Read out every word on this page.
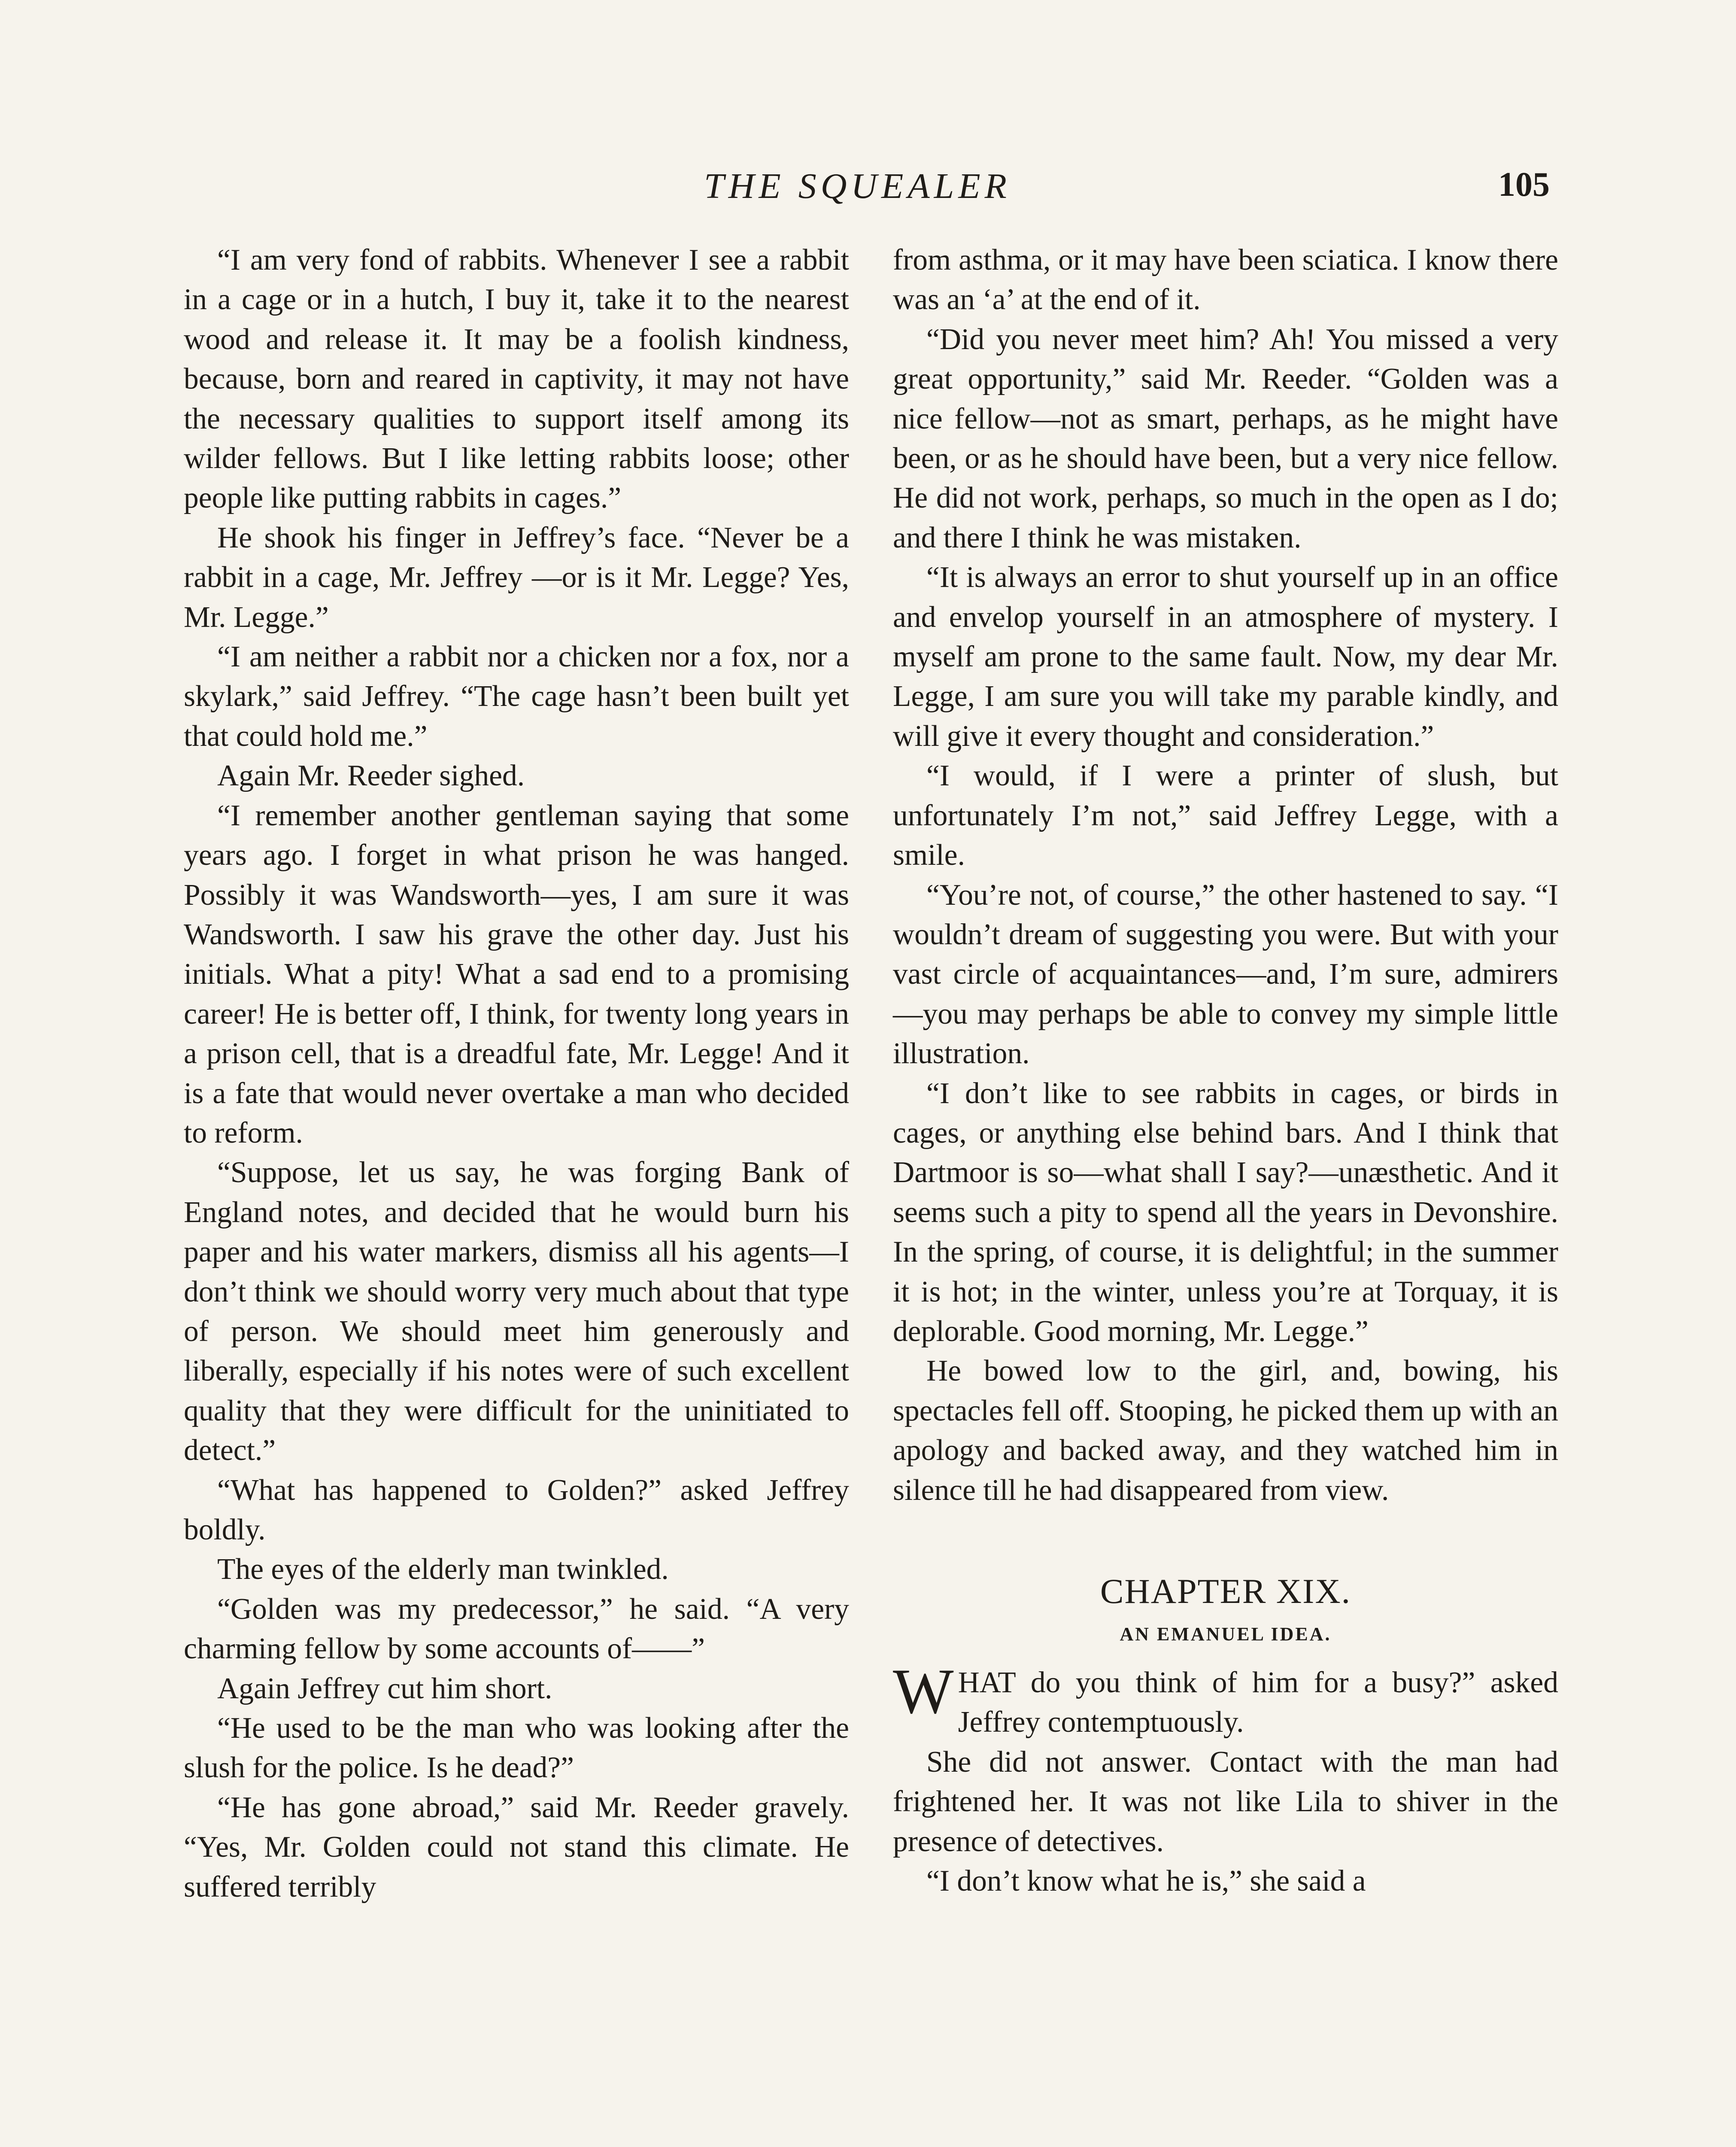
THE SQUEALER	105

“I am very fond of rabbits. Whenever I see a rabbit in a cage or in a hutch, I buy it, take it to the nearest wood and release it. It may be a foolish kindness, because, born and reared in captivity, it may not have the necessary qualities to support itself among its wilder fellows. But I like letting rabbits loose; other people like putting rabbits in cages.”

He shook his finger in Jeffrey’s face. “Never be a rabbit in a cage, Mr. Jeffrey —or is it Mr. Legge? Yes, Mr. Legge.”

“I am neither a rabbit nor a chicken nor a fox, nor a skylark,” said Jeffrey. “The cage hasn’t been built yet that could hold me.”

Again Mr. Reeder sighed.

“I remember another gentleman saying that some years ago. I forget in what prison he was hanged. Possibly it was Wandsworth—yes, I am sure it was Wandsworth. I saw his grave the other day. Just his initials. What a pity! What a sad end to a promising career! He is better off, I think, for twenty long years in a prison cell, that is a dreadful fate, Mr. Legge! And it is a fate that would never overtake a man who decided to reform.

“Suppose, let us say, he was forging Bank of England notes, and decided that he would burn his paper and his water markers, dismiss all his agents—I don’t think we should worry very much about that type of person. We should meet him generously and liberally, especially if his notes were of such excellent quality that they were difficult for the uninitiated to detect.”

“What has happened to Golden?” asked Jeffrey boldly.

The eyes of the elderly man twinkled.

“Golden was my predecessor,” he said. “A very charming fellow by some accounts of——”

Again Jeffrey cut him short.

“He used to be the man who was looking after the slush for the police. Is he dead?”

“He has gone abroad,” said Mr. Reeder gravely. “Yes, Mr. Golden could not stand this climate. He suffered terribly

from asthma, or it may have been sciatica. I know there was an ‘a’ at the end of it.

“Did you never meet him? Ah! You missed a very great opportunity,” said Mr. Reeder. “Golden was a nice fellow—not as smart, perhaps, as he might have been, or as he should have been, but a very nice fellow. He did not work, perhaps, so much in the open as I do; and there I think he was mistaken.

“It is always an error to shut yourself up in an office and envelop yourself in an atmosphere of mystery. I myself am prone to the same fault. Now, my dear Mr. Legge, I am sure you will take my parable kindly, and will give it every thought and consideration.”

“I would, if I were a printer of slush, but unfortunately I’m not,” said Jeffrey Legge, with a smile.

“You’re not, of course,” the other hastened to say. “I wouldn’t dream of suggesting you were. But with your vast circle of acquaintances—and, I’m sure, admirers—you may perhaps be able to convey my simple little illustration.

“I don’t like to see rabbits in cages, or birds in cages, or anything else behind bars. And I think that Dartmoor is so—what shall I say?—unæsthetic. And it seems such a pity to spend all the years in Devonshire. In the spring, of course, it is delightful; in the summer it is hot; in the winter, unless you’re at Torquay, it is deplorable. Good morning, Mr. Legge.”

He bowed low to the girl, and, bowing, his spectacles fell off. Stooping, he picked them up with an apology and backed away, and they watched him in silence till he had disappeared from view.

CHAPTER XIX.
AN EMANUEL IDEA.

WHAT do you think of him for a busy?” asked Jeffrey contemptuously.

She did not answer. Contact with the man had frightened her. It was not like Lila to shiver in the presence of detectives.

“I don’t know what he is,” she said a
